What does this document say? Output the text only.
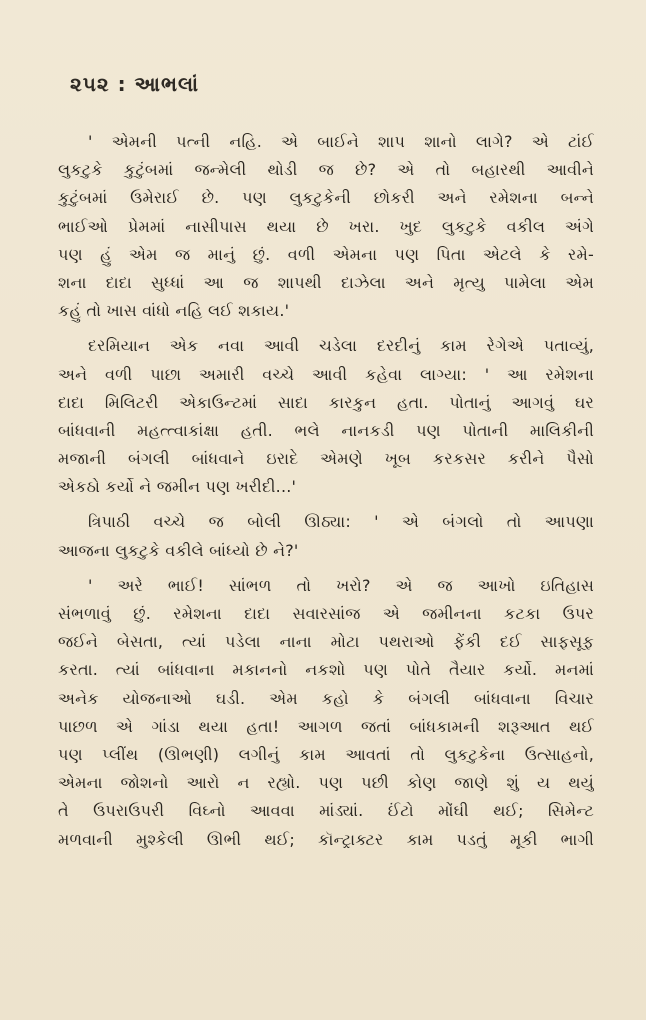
૨૫૨ : આભલાં
' એમની પત્ની નહિ. એ બાઈને શાપ શાનો લાગે? એ ટાંઈ
લુકટુકે કુટુંબમાં જન્મેલી થોડી જ છે? એ તો બહારથી આવીને
કુટુંબમાં ઉમેરાઈ છે. પણ લુકટુકેની છોકરી અને રમેશના બન્ને
ભાઈઓ પ્રેમમાં નાસીપાસ થયા છે ખરા. ખુદ લુકટુકે વકીલ અંગે
પણ હું એમ જ માનું છું. વળી એમના પણ પિતા એટલે કે રમે-
શના દાદા સુધ્ધાં આ જ શાપથી દાઝેલા અને મૃત્યુ પામેલા એમ
કહું તો ખાસ વાંધો નહિ લઈ શકાય.'
દરમિયાન એક નવા આવી ચડેલા દરદીનું કામ રેગેએ પતાવ્યું,
અને વળી પાછા અમારી વચ્ચે આવી કહેવા લાગ્યા: ' આ રમેશના
દાદા મિલિટરી એકાઉન્ટમાં સાદા કારકુન હતા. પોતાનું આગવું ઘર
બાંધવાની મહત્ત્વાકાંક્ષા હતી. ભલે નાનકડી પણ પોતાની માલિકીની
મજાની બંગલી બાંધવાને ઇરાદે એમણે ખૂબ કરકસર કરીને પૈસો
એકઠો કર્યો ને જમીન પણ ખરીદી...'
ત્રિપાઠી વચ્ચે જ બોલી ઊઠ્યા: ' એ બંગલો તો આપણા
આજના લુકટુકે વકીલે બાંધ્યો છે ને?'
' અરે ભાઈ! સાંભળ તો ખરો? એ જ આખો ઇતિહાસ
સંભળાવું છું. રમેશના દાદા સવારસાંજ એ જમીનના કટકા ઉપર
જઈને બેસતા, ત્યાં પડેલા નાના મોટા પથરાઓ ફેંકી દઈ સાફસૂફ
કરતા. ત્યાં બાંધવાના મકાનનો નકશો પણ પોતે તૈયાર કર્યો. મનમાં
અનેક યોજનાઓ ઘડી. એમ કહો કે બંગલી બાંધવાના વિચાર
પાછળ એ ગાંડા થયા હતા! આગળ જતાં બાંધકામની શરૂઆત થઈ
પણ પ્લીંથ (ઊભણી) લગીનું કામ આવતાં તો લુકટુકેના ઉત્સાહનો,
એમના જોશનો આરો ન રહ્યો. પણ પછી કોણ જાણે શું ય થયું
તે ઉપરાઉપરી વિઘ્નો આવવા માંડ્યાં. ઈંટો મોંઘી થઈ; સિમેન્ટ
મળવાની મુશ્કેલી ઊભી થઈ; કૉન્ટ્રાક્ટર કામ પડતું મૂકી ભાગી
